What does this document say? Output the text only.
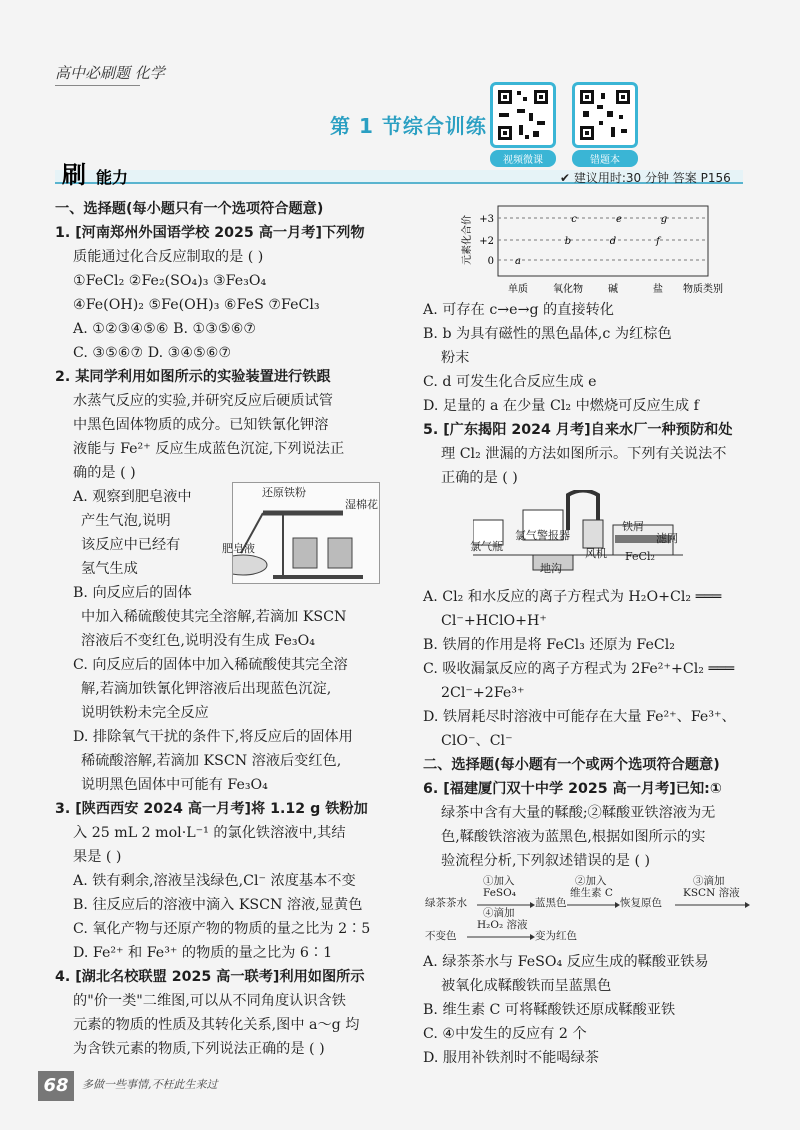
高中必刷题 化学
第 1 节综合训练
视频微课	错题本
刷 能力	✔ 建议用时:30 分钟 答案 P156

一、选择题(每小题只有一个选项符合题意)

1. [河南郑州外国语学校 2025 高一月考]下列物

质能通过化合反应制取的是 ( )

①FeCl₂ ②Fe₂(SO₄)₃ ③Fe₃O₄

④Fe(OH)₂ ⑤Fe(OH)₃ ⑥FeS ⑦FeCl₃

A. ①②③④⑤⑥ B. ①③⑤⑥⑦

C. ③⑤⑥⑦ D. ③④⑤⑥⑦

2. 某同学利用如图所示的实验装置进行铁跟

水蒸气反应的实验,并研究反应后硬质试管

中黑色固体物质的成分。已知铁氰化钾溶

液能与 Fe²⁺ 反应生成蓝色沉淀,下列说法正

确的是 ( )

A. 观察到肥皂液中

产生气泡,说明

该反应中已经有

氢气生成

B. 向反应后的固体

中加入稀硫酸使其完全溶解,若滴加 KSCN

溶液后不变红色,说明没有生成 Fe₃O₄

C. 向反应后的固体中加入稀硫酸使其完全溶

解,若滴加铁氰化钾溶液后出现蓝色沉淀,

说明铁粉未完全反应

D. 排除氧气干扰的条件下,将反应后的固体用

稀硫酸溶解,若滴加 KSCN 溶液后变红色,

说明黑色固体中可能有 Fe₃O₄

3. [陕西西安 2024 高一月考]将 1.12 g 铁粉加

入 25 mL 2 mol·L⁻¹ 的氯化铁溶液中,其结

果是 ( )

A. 铁有剩余,溶液呈浅绿色,Cl⁻ 浓度基本不变

B. 往反应后的溶液中滴入 KSCN 溶液,显黄色

C. 氧化产物与还原产物的物质的量之比为 2∶5

D. Fe²⁺ 和 Fe³⁺ 的物质的量之比为 6∶1

4. [湖北名校联盟 2025 高一联考]利用如图所示

的"价一类"二维图,可以从不同角度认识含铁

元素的物质的性质及其转化关系,图中 a～g 均

为含铁元素的物质,下列说法正确的是 ( )

还原铁粉
湿棉花
肥皂液
元素化合价 +3
+2
0
单质	氧化物	碱	盐 物质类别
a
b
c
d
e
f
g

A. 可存在 c→e→g 的直接转化

B. b 为具有磁性的黑色晶体,c 为红棕色

粉末

C. d 可发生化合反应生成 e

D. 足量的 a 在少量 Cl₂ 中燃烧可反应生成 f

5. [广东揭阳 2024 月考]自来水厂一种预防和处

理 Cl₂ 泄漏的方法如图所示。下列有关说法不

正确的是 ( )

铁屑
滤网
氯气警报器
氯气瓶
风机
地沟
FeCl₂

A. Cl₂ 和水反应的离子方程式为 H₂O+Cl₂ ═══

Cl⁻+HClO+H⁺

B. 铁屑的作用是将 FeCl₃ 还原为 FeCl₂

C. 吸收漏氯反应的离子方程式为 2Fe²⁺+Cl₂ ═══

2Cl⁻+2Fe³⁺

D. 铁屑耗尽时溶液中可能存在大量 Fe²⁺、Fe³⁺、

ClO⁻、Cl⁻

二、选择题(每小题有一个或两个选项符合题意)

6. [福建厦门双十中学 2025 高一月考]已知:①

绿茶中含有大量的鞣酸;②鞣酸亚铁溶液为无

色,鞣酸铁溶液为蓝黑色,根据如图所示的实

验流程分析,下列叙述错误的是 ( )

绿茶茶水
①加入
FeSO₄
蓝黑色
②加入
维生素 C
恢复原色
③滴加
KSCN 溶液
不变色
④滴加
H₂O₂ 溶液
变为红色

A. 绿茶茶水与 FeSO₄ 反应生成的鞣酸亚铁易

被氧化成鞣酸铁而呈蓝黑色

B. 维生素 C 可将鞣酸铁还原成鞣酸亚铁

C. ④中发生的反应有 2 个

D. 服用补铁剂时不能喝绿茶

68	多做一些事情,不枉此生来过
